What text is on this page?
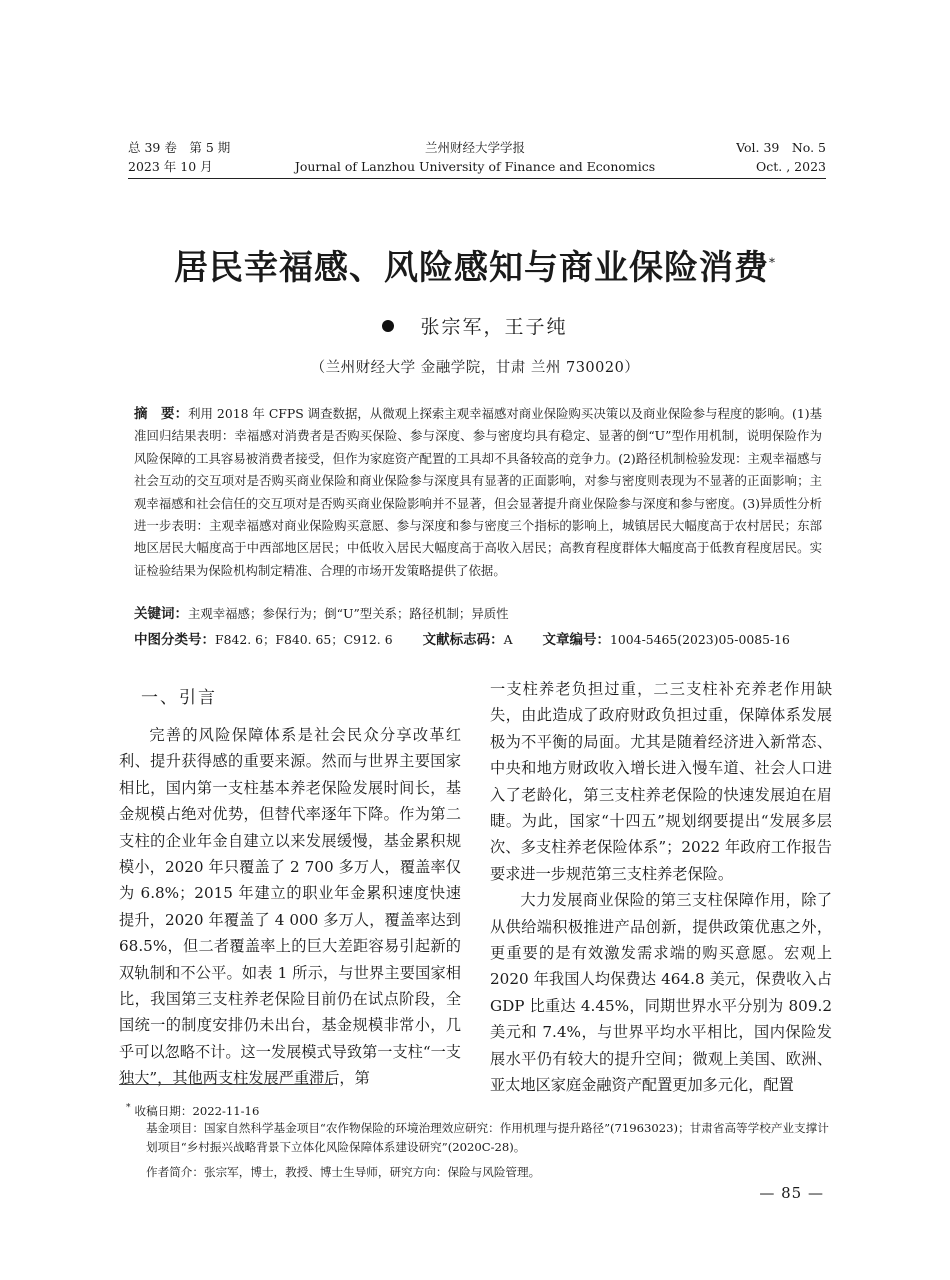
总 39 卷　第 5 期
2023 年 10 月
兰州财经大学学报
Journal of Lanzhou University of Finance and Economics
Vol. 39　No. 5
Oct. , 2023
居民幸福感、风险感知与商业保险消费*
张宗军，王子纯
（兰州财经大学 金融学院，甘肃 兰州 730020）
摘　要：利用 2018 年 CFPS 调查数据，从微观上探索主观幸福感对商业保险购买决策以及商业保险参与程度的影响。(1)基准回归结果表明：幸福感对消费者是否购买保险、参与深度、参与密度均具有稳定、显著的倒“U”型作用机制，说明保险作为风险保障的工具容易被消费者接受，但作为家庭资产配置的工具却不具备较高的竞争力。(2)路径机制检验发现：主观幸福感与社会互动的交互项对是否购买商业保险和商业保险参与深度具有显著的正面影响，对参与密度则表现为不显著的正面影响；主观幸福感和社会信任的交互项对是否购买商业保险影响并不显著，但会显著提升商业保险参与深度和参与密度。(3)异质性分析进一步表明：主观幸福感对商业保险购买意愿、参与深度和参与密度三个指标的影响上，城镇居民大幅度高于农村居民；东部地区居民大幅度高于中西部地区居民；中低收入居民大幅度高于高收入居民；高教育程度群体大幅度高于低教育程度居民。实证检验结果为保险机构制定精准、合理的市场开发策略提供了依据。
关键词：主观幸福感；参保行为；倒“U”型关系；路径机制；异质性
中图分类号：F842. 6；F840. 65；C912. 6 文献标志码：A 文章编号：1004-5465(2023)05-0085-16

一、引言

完善的风险保障体系是社会民众分享改革红利、提升获得感的重要来源。然而与世界主要国家相比，国内第一支柱基本养老保险发展时间长，基金规模占绝对优势，但替代率逐年下降。作为第二支柱的企业年金自建立以来发展缓慢，基金累积规模小，2020 年只覆盖了 2 700 多万人，覆盖率仅为 6.8%；2015 年建立的职业年金累积速度快速提升，2020 年覆盖了 4 000 多万人，覆盖率达到 68.5%，但二者覆盖率上的巨大差距容易引起新的双轨制和不公平。如表 1 所示，与世界主要国家相比，我国第三支柱养老保险目前仍在试点阶段，全国统一的制度安排仍未出台，基金规模非常小，几乎可以忽略不计。这一发展模式导致第一支柱“一支独大”，其他两支柱发展严重滞后，第

一支柱养老负担过重，二三支柱补充养老作用缺失，由此造成了政府财政负担过重，保障体系发展极为不平衡的局面。尤其是随着经济进入新常态、中央和地方财政收入增长进入慢车道、社会人口进入了老龄化，第三支柱养老保险的快速发展迫在眉睫。为此，国家“十四五”规划纲要提出“发展多层次、多支柱养老保险体系”；2022 年政府工作报告要求进一步规范第三支柱养老保险。

大力发展商业保险的第三支柱保障作用，除了从供给端积极推进产品创新，提供政策优惠之外，更重要的是有效激发需求端的购买意愿。宏观上 2020 年我国人均保费达 464.8 美元，保费收入占 GDP 比重达 4.45%，同期世界水平分别为 809.2 美元和 7.4%，与世界平均水平相比，国内保险发展水平仍有较大的提升空间；微观上美国、欧洲、亚太地区家庭金融资产配置更加多元化，配置

* 收稿日期：2022-11-16
基金项目：国家自然科学基金项目“农作物保险的环境治理效应研究：作用机理与提升路径”(71963023)；甘肃省高等学校产业支撑计划项目“乡村振兴战略背景下立体化风险保障体系建设研究”(2020C-28)。
作者简介：张宗军，博士，教授、博士生导师，研究方向：保险与风险管理。
— 85 —
